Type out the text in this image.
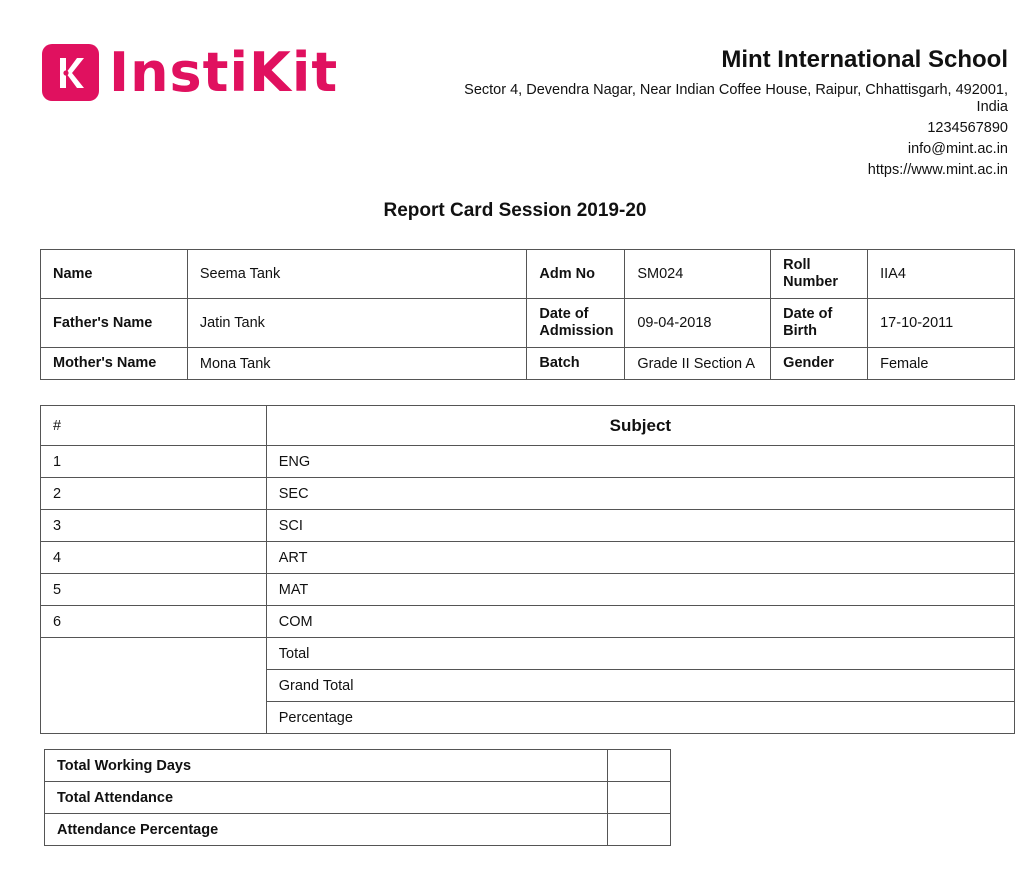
InstiKit	Mint International School
Sector 4, Devendra Nagar, Near Indian Coffee House, Raipur, Chhattisgarh, 492001,
India
1234567890
info@mint.ac.in
https://www.mint.ac.in
Report Card Session 2019-20
Name	Seema Tank	Adm No	SM024	Roll Number	IIA4
Father's Name	Jatin Tank	Date of Admission	09-04-2018	Date of Birth	17-10-2011
Mother's Name	Mona Tank	Batch	Grade II Section A	Gender	Female
#	Subject
1	ENG
2	SEC
3	SCI
4	ART
5	MAT
6	COM
	Total
	Grand Total
	Percentage
Total Working Days	
Total Attendance	
Attendance Percentage	
